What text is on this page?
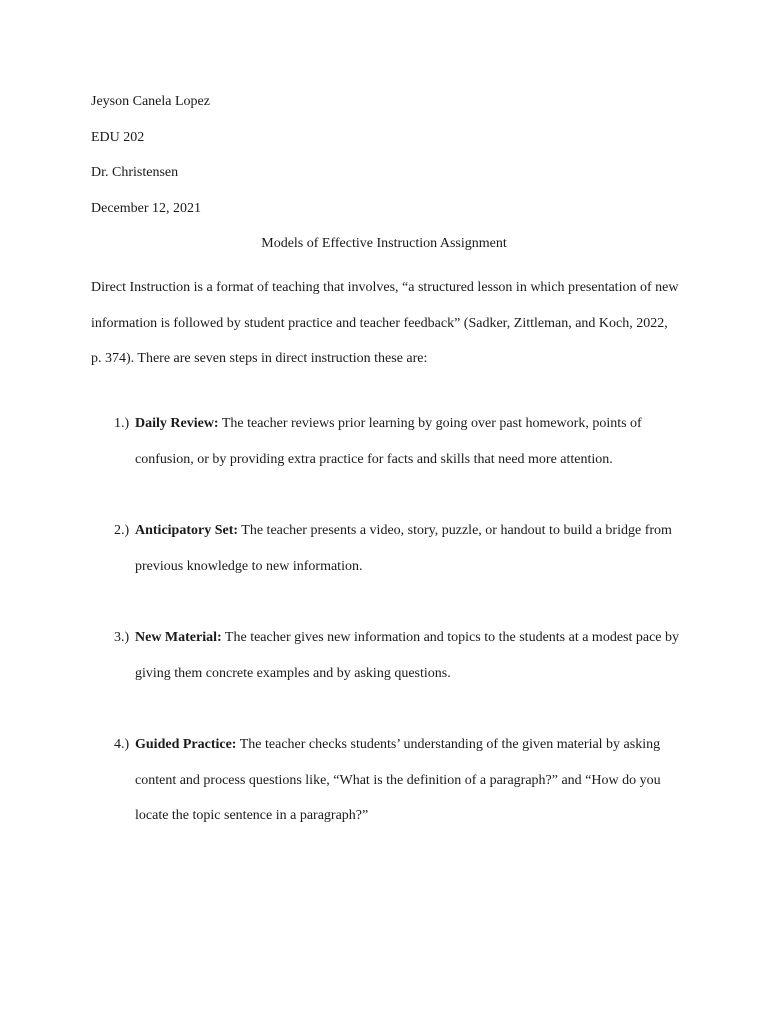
Jeyson Canela Lopez
EDU 202
Dr. Christensen
December 12, 2021
Models of Effective Instruction Assignment
Direct Instruction is a format of teaching that involves, “a structured lesson in which presentation of new information is followed by student practice and teacher feedback” (Sadker, Zittleman, and Koch, 2022, p. 374). There are seven steps in direct instruction these are:
1.) Daily Review: The teacher reviews prior learning by going over past homework, points of confusion, or by providing extra practice for facts and skills that need more attention.
2.) Anticipatory Set: The teacher presents a video, story, puzzle, or handout to build a bridge from previous knowledge to new information.
3.) New Material: The teacher gives new information and topics to the students at a modest pace by giving them concrete examples and by asking questions.
4.) Guided Practice: The teacher checks students’ understanding of the given material by asking content and process questions like, “What is the definition of a paragraph?” and “How do you locate the topic sentence in a paragraph?”
